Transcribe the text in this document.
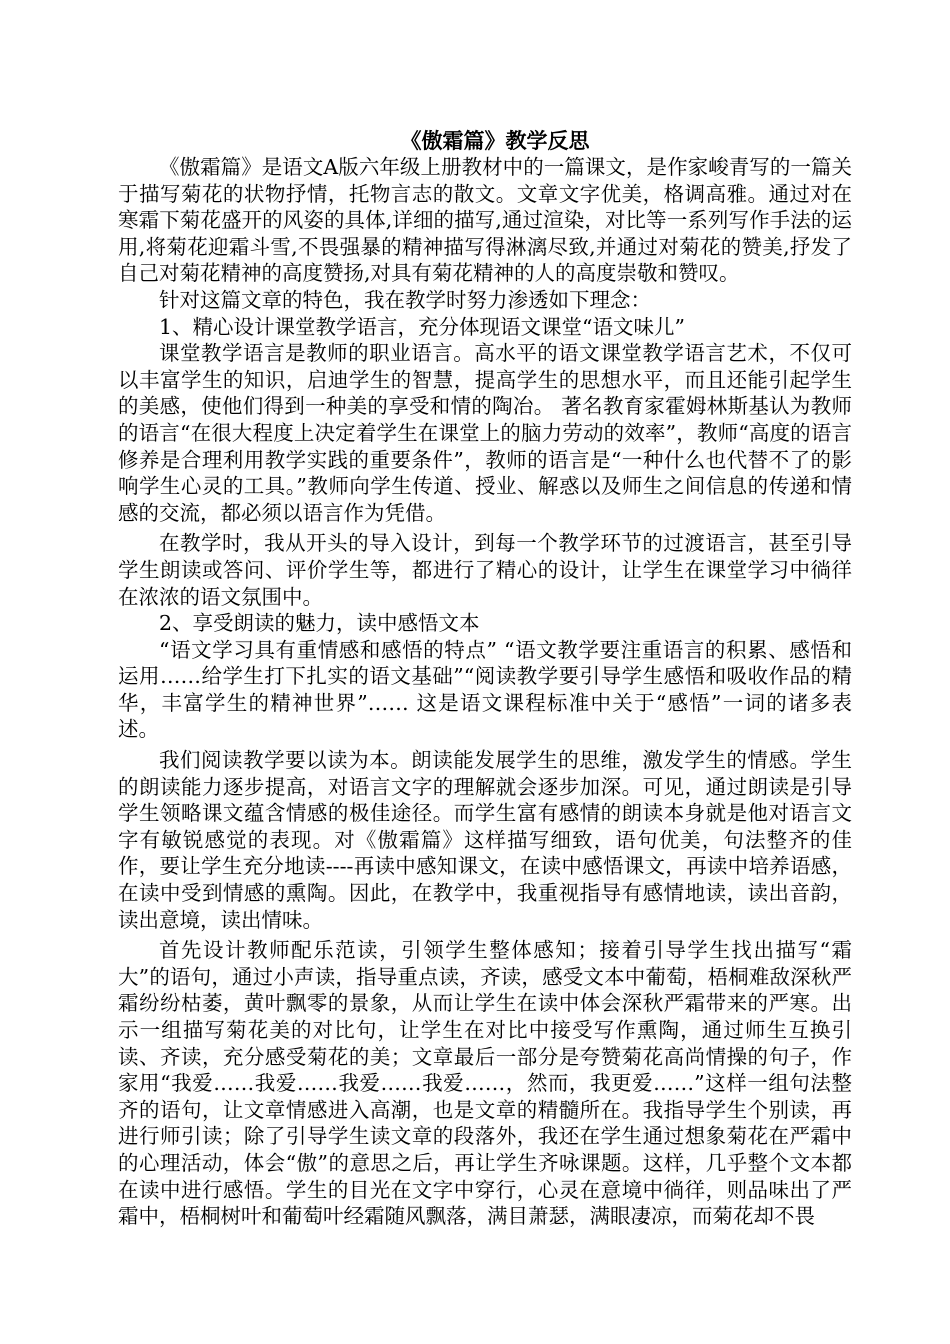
《傲霜篇》教学反思

《傲霜篇》是语文A版六年级上册教材中的一篇课文，是作家峻青写的一篇关于描写菊花的状物抒情，托物言志的散文。文章文字优美，格调高雅。通过对在寒霜下菊花盛开的风姿的具体,详细的描写,通过渲染，对比等一系列写作手法的运用,将菊花迎霜斗雪,不畏强暴的精神描写得淋漓尽致,并通过对菊花的赞美,抒发了自己对菊花精神的高度赞扬,对具有菊花精神的人的高度崇敬和赞叹。

针对这篇文章的特色，我在教学时努力渗透如下理念：

1、精心设计课堂教学语言，充分体现语文课堂“语文味儿”

课堂教学语言是教师的职业语言。高水平的语文课堂教学语言艺术，不仅可以丰富学生的知识，启迪学生的智慧，提高学生的思想水平，而且还能引起学生的美感，使他们得到一种美的享受和情的陶冶。 著名教育家霍姆林斯基认为教师的语言“在很大程度上决定着学生在课堂上的脑力劳动的效率”，教师“高度的语言修养是合理利用教学实践的重要条件”，教师的语言是“一种什么也代替不了的影响学生心灵的工具。”教师向学生传道、授业、解惑以及师生之间信息的传递和情感的交流，都必须以语言作为凭借。

在教学时，我从开头的导入设计，到每一个教学环节的过渡语言，甚至引导学生朗读或答问、评价学生等，都进行了精心的设计，让学生在课堂学习中徜徉在浓浓的语文氛围中。

2、享受朗读的魅力，读中感悟文本

“语文学习具有重情感和感悟的特点” “语文教学要注重语言的积累、感悟和运用……给学生打下扎实的语文基础”“阅读教学要引导学生感悟和吸收作品的精华，丰富学生的精神世界”…… 这是语文课程标准中关于“感悟”一词的诸多表述。

我们阅读教学要以读为本。朗读能发展学生的思维，激发学生的情感。学生的朗读能力逐步提高，对语言文字的理解就会逐步加深。可见，通过朗读是引导学生领略课文蕴含情感的极佳途径。而学生富有感情的朗读本身就是他对语言文字有敏锐感觉的表现。对《傲霜篇》这样描写细致，语句优美，句法整齐的佳作，要让学生充分地读----再读中感知课文，在读中感悟课文，再读中培养语感，在读中受到情感的熏陶。因此，在教学中，我重视指导有感情地读，读出音韵，读出意境，读出情味。

首先设计教师配乐范读，引领学生整体感知；接着引导学生找出描写“霜大”的语句，通过小声读，指导重点读，齐读，感受文本中葡萄，梧桐难敌深秋严霜纷纷枯萎，黄叶飘零的景象，从而让学生在读中体会深秋严霜带来的严寒。出示一组描写菊花美的对比句，让学生在对比中接受写作熏陶，通过师生互换引读、齐读，充分感受菊花的美；文章最后一部分是夸赞菊花高尚情操的句子，作家用“我爱……我爱……我爱……我爱……，然而，我更爱……”这样一组句法整齐的语句，让文章情感进入高潮，也是文章的精髓所在。我指导学生个别读，再进行师引读；除了引导学生读文章的段落外，我还在学生通过想象菊花在严霜中的心理活动，体会“傲”的意思之后，再让学生齐咏课题。这样，几乎整个文本都在读中进行感悟。学生的目光在文字中穿行，心灵在意境中徜徉，则品味出了严霜中，梧桐树叶和葡萄叶经霜随风飘落，满目萧瑟，满眼凄凉，而菊花却不畏
